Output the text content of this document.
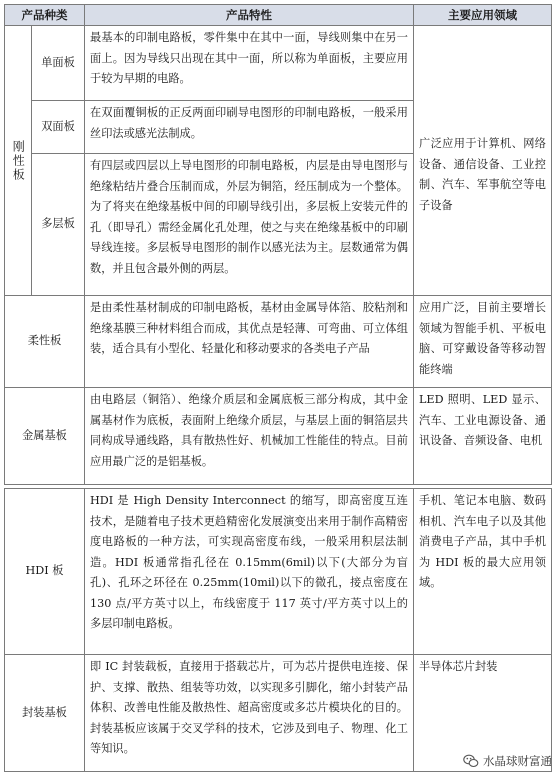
产品种类	产品特性	主要应用领域
刚性板
单面板
最基本的印制电路板，零件集中在其中一面，导线则集中在另一面上。因为导线只出现在其中一面，所以称为单面板，主要应用于较为早期的电路。
双面板
在双面覆铜板的正反两面印刷导电图形的印制电路板，一般采用丝印法或感光法制成。
多层板
有四层或四层以上导电图形的印制电路板，内层是由导电图形与绝缘粘结片叠合压制而成，外层为铜箔，经压制成为一个整体。为了将夹在绝缘基板中间的印刷导线引出，多层板上安装元件的孔（即导孔）需经金属化孔处理，使之与夹在绝缘基板中的印刷导线连接。多层板导电图形的制作以感光法为主。层数通常为偶数，并且包含最外侧的两层。
广泛应用于计算机、网络设备、通信设备、工业控制、汽车、军事航空等电子设备
柔性板
是由柔性基材制成的印制电路板，基材由金属导体箔、胶粘剂和绝缘基膜三种材料组合而成，其优点是轻薄、可弯曲、可立体组装，适合具有小型化、轻量化和移动要求的各类电子产品
应用广泛，目前主要增长领域为智能手机、平板电脑、可穿戴设备等移动智能终端
金属基板
由电路层（铜箔）、绝缘介质层和金属底板三部分构成，其中金属基材作为底板，表面附上绝缘介质层，与基层上面的铜箔层共同构成导通线路，具有散热性好、机械加工性能佳的特点。目前应用最广泛的是铝基板。
LED 照明、LED 显示、汽车、工业电源设备、通讯设备、音频设备、电机
HDI 板
HDI 是 High Density Interconnect 的缩写，即高密度互连技术，是随着电子技术更趋精密化发展演变出来用于制作高精密度电路板的一种方法，可实现高密度布线，一般采用积层法制造。HDI 板通常指孔径在 0.15mm(6mil)以下(大部分为盲孔)、孔环之环径在 0.25mm(10mil)以下的微孔，接点密度在 130 点/平方英寸以上，布线密度于 117 英寸/平方英寸以上的多层印制电路板。
手机、笔记本电脑、数码相机、汽车电子以及其他消费电子产品，其中手机为 HDI 板的最大应用领域。
封装基板
即 IC 封装载板，直接用于搭载芯片，可为芯片提供电连接、保护、支撑、散热、组装等功效，以实现多引脚化，缩小封装产品体积、改善电性能及散热性、超高密度或多芯片模块化的目的。封装基板应该属于交叉学科的技术，它涉及到电子、物理、化工等知识。
半导体芯片封装
水晶球财富通
